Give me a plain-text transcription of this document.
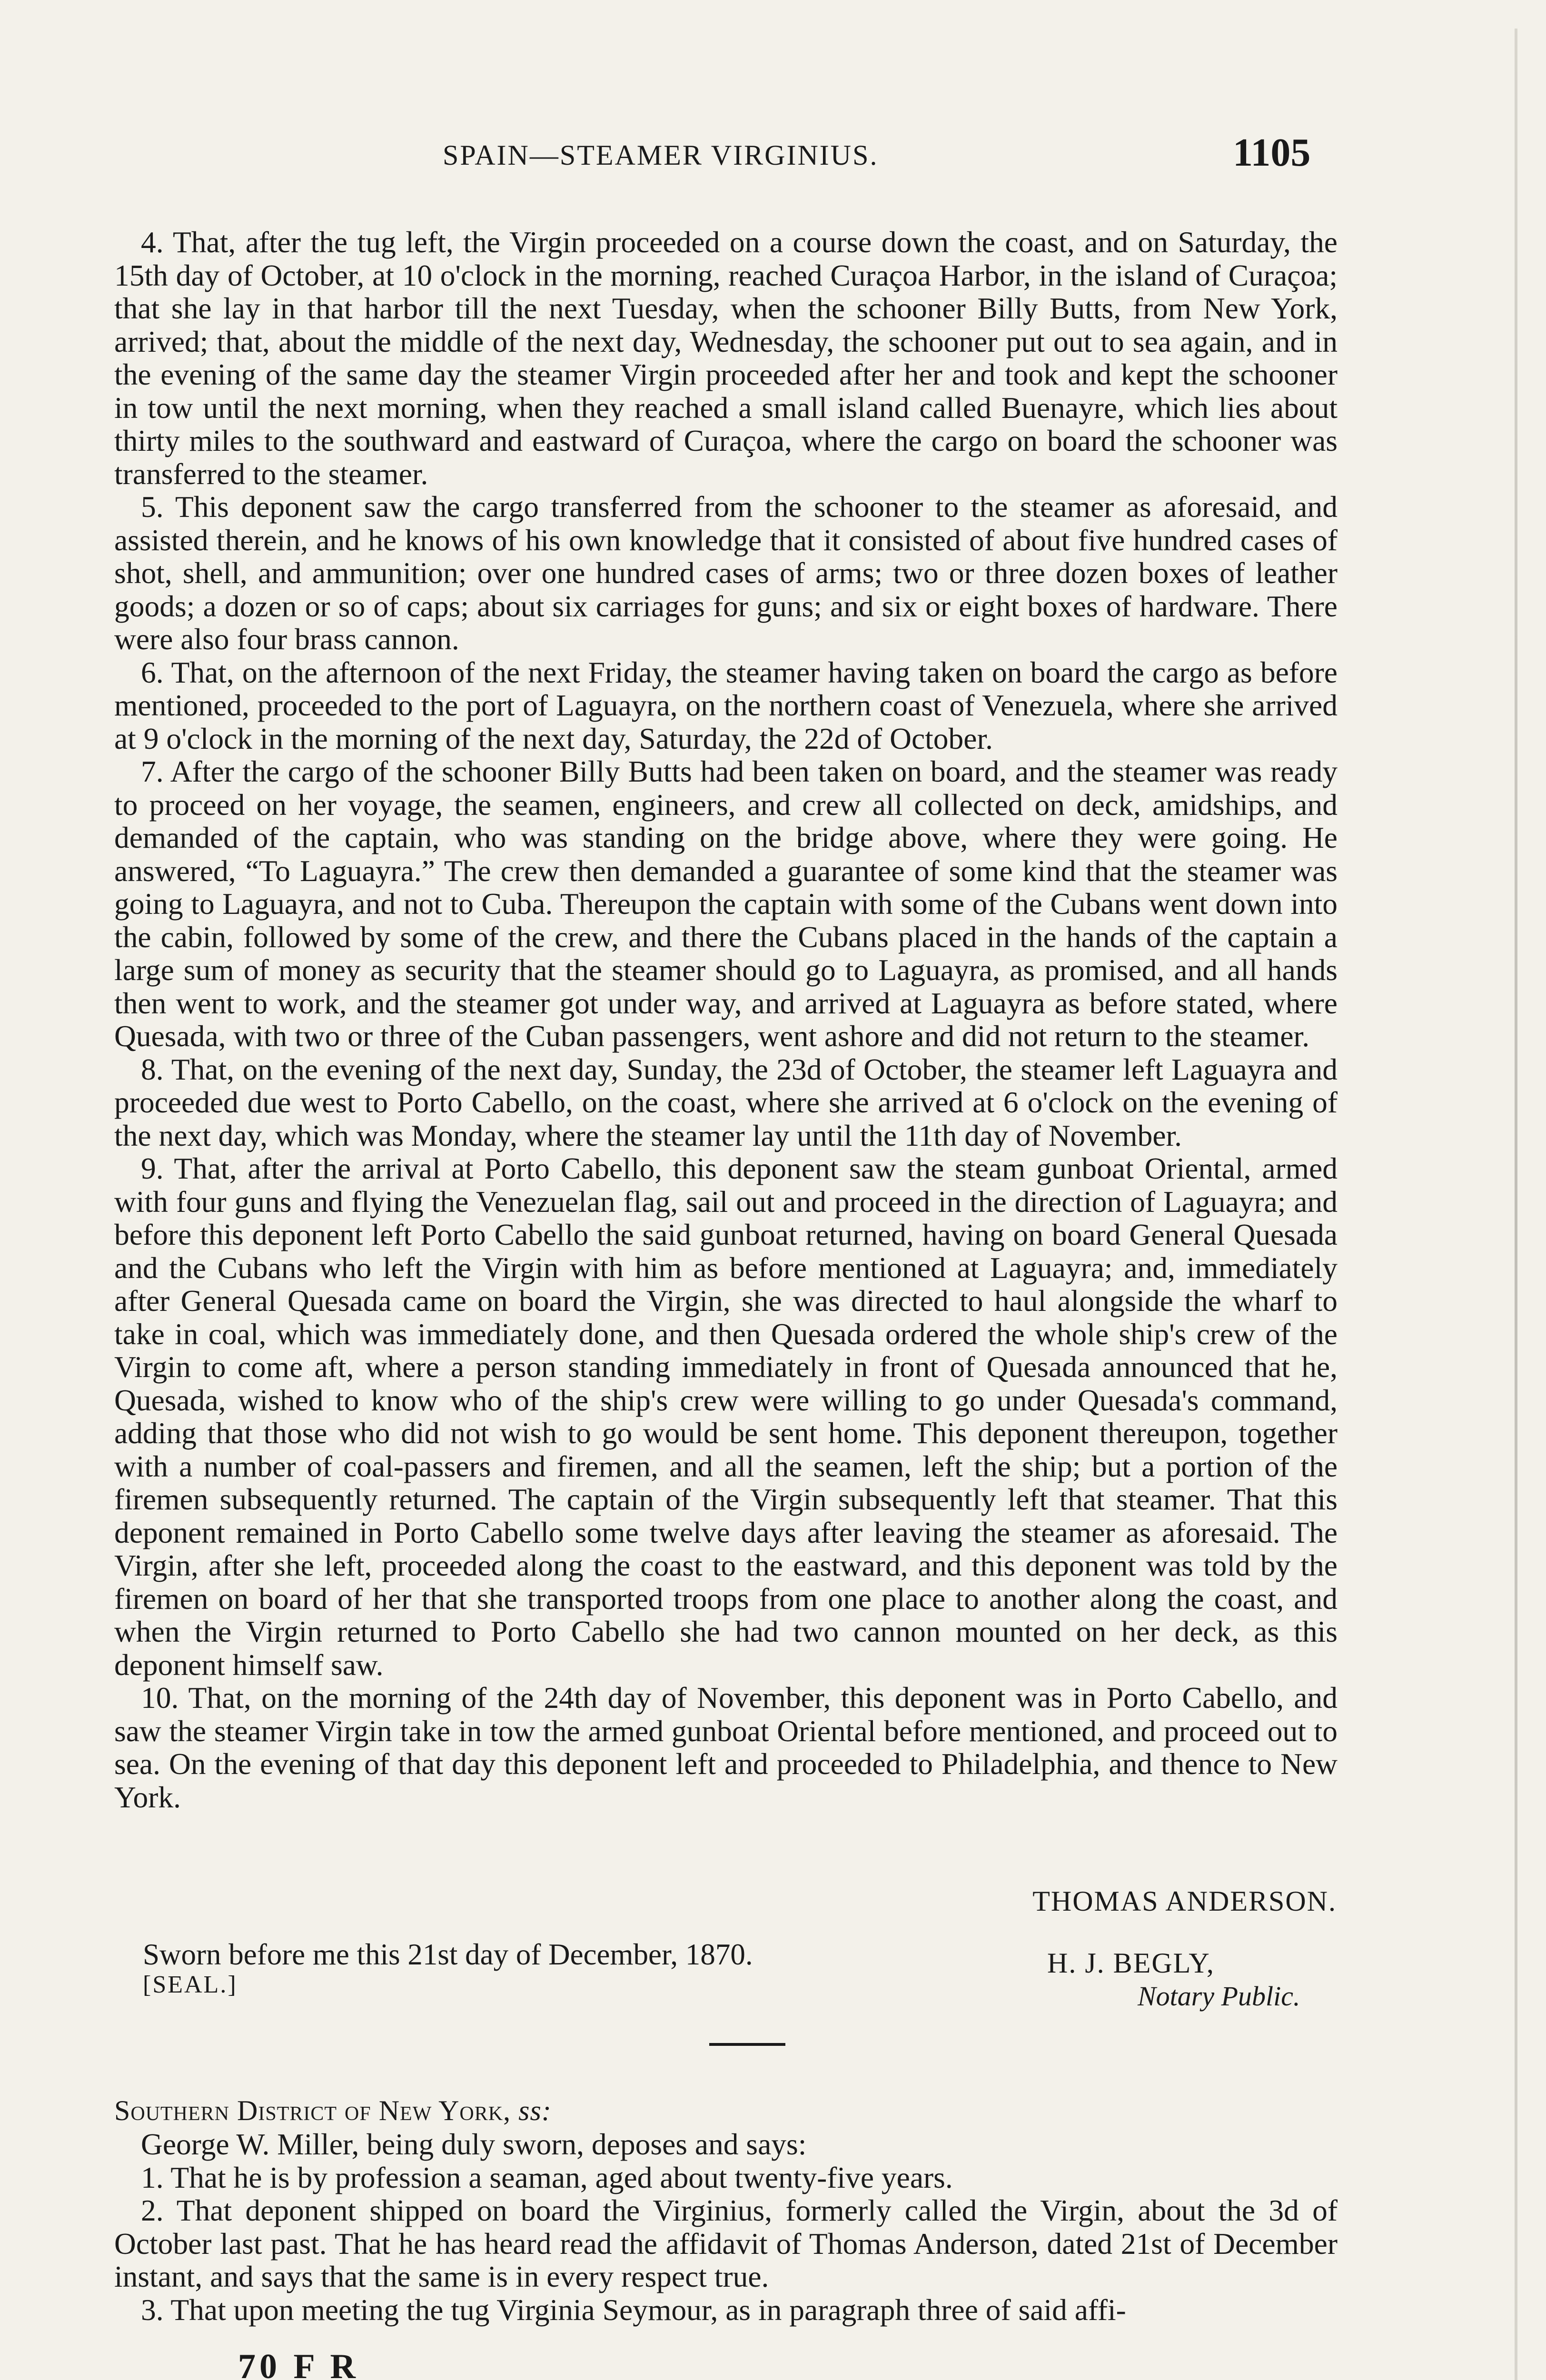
SPAIN—STEAMER VIRGINIUS.	1105

4. That, after the tug left, the Virgin proceeded on a course down the coast, and on Saturday, the 15th day of October, at 10 o'clock in the morning, reached Curaçoa Harbor, in the island of Curaçoa; that she lay in that harbor till the next Tuesday, when the schooner Billy Butts, from New York, arrived; that, about the middle of the next day, Wednesday, the schooner put out to sea again, and in the evening of the same day the steamer Virgin proceeded after her and took and kept the schooner in tow until the next morning, when they reached a small island called Buenayre, which lies about thirty miles to the southward and eastward of Curaçoa, where the cargo on board the schooner was transferred to the steamer.

5. This deponent saw the cargo transferred from the schooner to the steamer as aforesaid, and assisted therein, and he knows of his own knowledge that it consisted of about five hundred cases of shot, shell, and ammunition; over one hundred cases of arms; two or three dozen boxes of leather goods; a dozen or so of caps; about six carriages for guns; and six or eight boxes of hardware. There were also four brass cannon.

6. That, on the afternoon of the next Friday, the steamer having taken on board the cargo as before mentioned, proceeded to the port of Laguayra, on the northern coast of Venezuela, where she arrived at 9 o'clock in the morning of the next day, Saturday, the 22d of October.

7. After the cargo of the schooner Billy Butts had been taken on board, and the steamer was ready to proceed on her voyage, the seamen, engineers, and crew all collected on deck, amidships, and demanded of the captain, who was standing on the bridge above, where they were going. He answered, “To Laguayra.” The crew then demanded a guarantee of some kind that the steamer was going to Laguayra, and not to Cuba. Thereupon the captain with some of the Cubans went down into the cabin, followed by some of the crew, and there the Cubans placed in the hands of the captain a large sum of money as security that the steamer should go to Laguayra, as promised, and all hands then went to work, and the steamer got under way, and arrived at Laguayra as before stated, where Quesada, with two or three of the Cuban passengers, went ashore and did not return to the steamer.

8. That, on the evening of the next day, Sunday, the 23d of October, the steamer left Laguayra and proceeded due west to Porto Cabello, on the coast, where she arrived at 6 o'clock on the evening of the next day, which was Monday, where the steamer lay until the 11th day of November.

9. That, after the arrival at Porto Cabello, this deponent saw the steam gunboat Oriental, armed with four guns and flying the Venezuelan flag, sail out and proceed in the direction of Laguayra; and before this deponent left Porto Cabello the said gunboat returned, having on board General Quesada and the Cubans who left the Virgin with him as before mentioned at Laguayra; and, immediately after General Quesada came on board the Virgin, she was directed to haul alongside the wharf to take in coal, which was immediately done, and then Quesada ordered the whole ship's crew of the Virgin to come aft, where a person standing immediately in front of Quesada announced that he, Quesada, wished to know who of the ship's crew were willing to go under Quesada's command, adding that those who did not wish to go would be sent home. This deponent thereupon, together with a number of coal-passers and firemen, and all the seamen, left the ship; but a portion of the firemen subsequently returned. The captain of the Virgin subsequently left that steamer. That this deponent remained in Porto Cabello some twelve days after leaving the steamer as aforesaid. The Virgin, after she left, proceeded along the coast to the eastward, and this deponent was told by the firemen on board of her that she transported troops from one place to another along the coast, and when the Virgin returned to Porto Cabello she had two cannon mounted on her deck, as this deponent himself saw.

10. That, on the morning of the 24th day of November, this deponent was in Porto Cabello, and saw the steamer Virgin take in tow the armed gunboat Oriental before mentioned, and proceed out to sea. On the evening of that day this deponent left and proceeded to Philadelphia, and thence to New York.

THOMAS ANDERSON.
Sworn before me this 21st day of December, 1870.
[SEAL.]
H. J. BEGLY,
Notary Public.
Southern District of New York, ss:

George W. Miller, being duly sworn, deposes and says:

1. That he is by profession a seaman, aged about twenty-five years.

2. That deponent shipped on board the Virginius, formerly called the Virgin, about the 3d of October last past. That he has heard read the affidavit of Thomas Anderson, dated 21st of December instant, and says that the same is in every respect true.

3. That upon meeting the tug Virginia Seymour, as in paragraph three of said affi-

70 F R
